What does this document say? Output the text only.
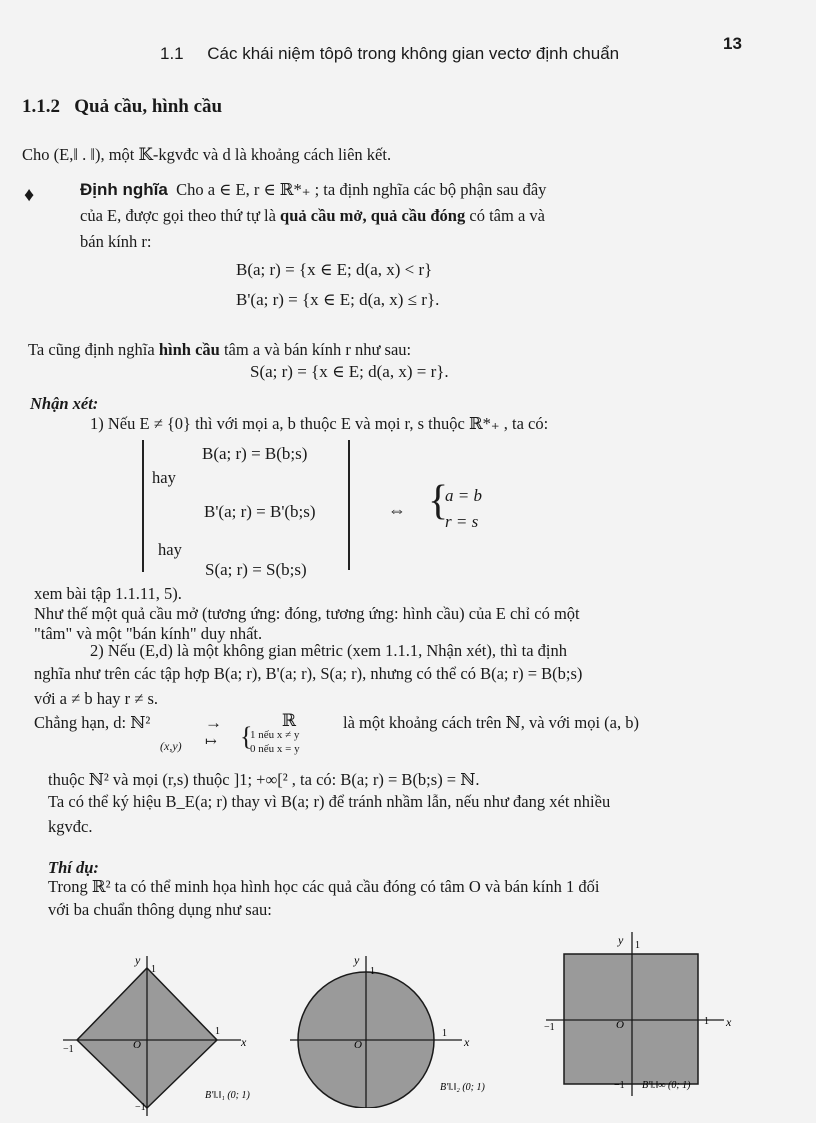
1.1 Các khái niệm tôpô trong không gian vectơ định chuẩn
13
1.1.2 Quả cầu, hình cầu
Cho (E,‖ . ‖), một 𝕂-kgvđc và d là khoảng cách liên kết.
♦	Định nghĩa Cho a ∈ E, r ∈ ℝ*₊ ; ta định nghĩa các bộ phận sau đây
của E, được gọi theo thứ tự là quả cầu mở, quả cầu đóng có tâm a và
bán kính r:
B(a; r) = {x ∈ E; d(a, x) < r}
B'(a; r) = {x ∈ E; d(a, x) ≤ r}.
Ta cũng định nghĩa hình cầu tâm a và bán kính r như sau:
S(a; r) = {x ∈ E; d(a, x) = r}.
Nhận xét:
1) Nếu E ≠ {0} thì với mọi a, b thuộc E và mọi r, s thuộc ℝ*₊ , ta có:
B(a; r) = B(b;s)
hay
B'(a; r) = B'(b;s)
hay
S(a; r) = S(b;s)
⇔ {
a = b
r = s
xem bài tập 1.1.11, 5).
Như thế một quả cầu mở (tương ứng: đóng, tương ứng: hình cầu) của E chỉ có một
"tâm" và một "bán kính" duy nhất.
2) Nếu (E,d) là một không gian mêtric (xem 1.1.1, Nhận xét), thì ta định
nghĩa như trên các tập hợp B(a; r), B'(a; r), S(a; r), nhưng có thể có B(a; r) = B(b;s)
với a ≠ b hay r ≠ s.
Chẳng hạn, d: ℕ²	→	ℝ	là một khoảng cách trên ℕ, và với mọi (a, b)
(x,y) ↦ {
1 nếu x ≠ y
0 nếu x = y
thuộc ℕ² và mọi (r,s) thuộc ]1; +∞[² , ta có: B(a; r) = B(b;s) = ℕ.
Ta có thể ký hiệu B_E(a; r) thay vì B(a; r) để tránh nhầm lẫn, nếu như đang xét nhiều
kgvđc.
Thí dụ:
Trong ℝ² ta có thể minh họa hình học các quả cầu đóng có tâm O và bán kính 1 đối
với ba chuẩn thông dụng như sau:
y
1
x
1
−1	O
−1
B'‖.‖₁ (0; 1)
y
1
x
1
O
B'‖.‖₂ (0; 1)
y 1
x
1
−1	O
−1 B'‖.‖∞ (0; 1)
